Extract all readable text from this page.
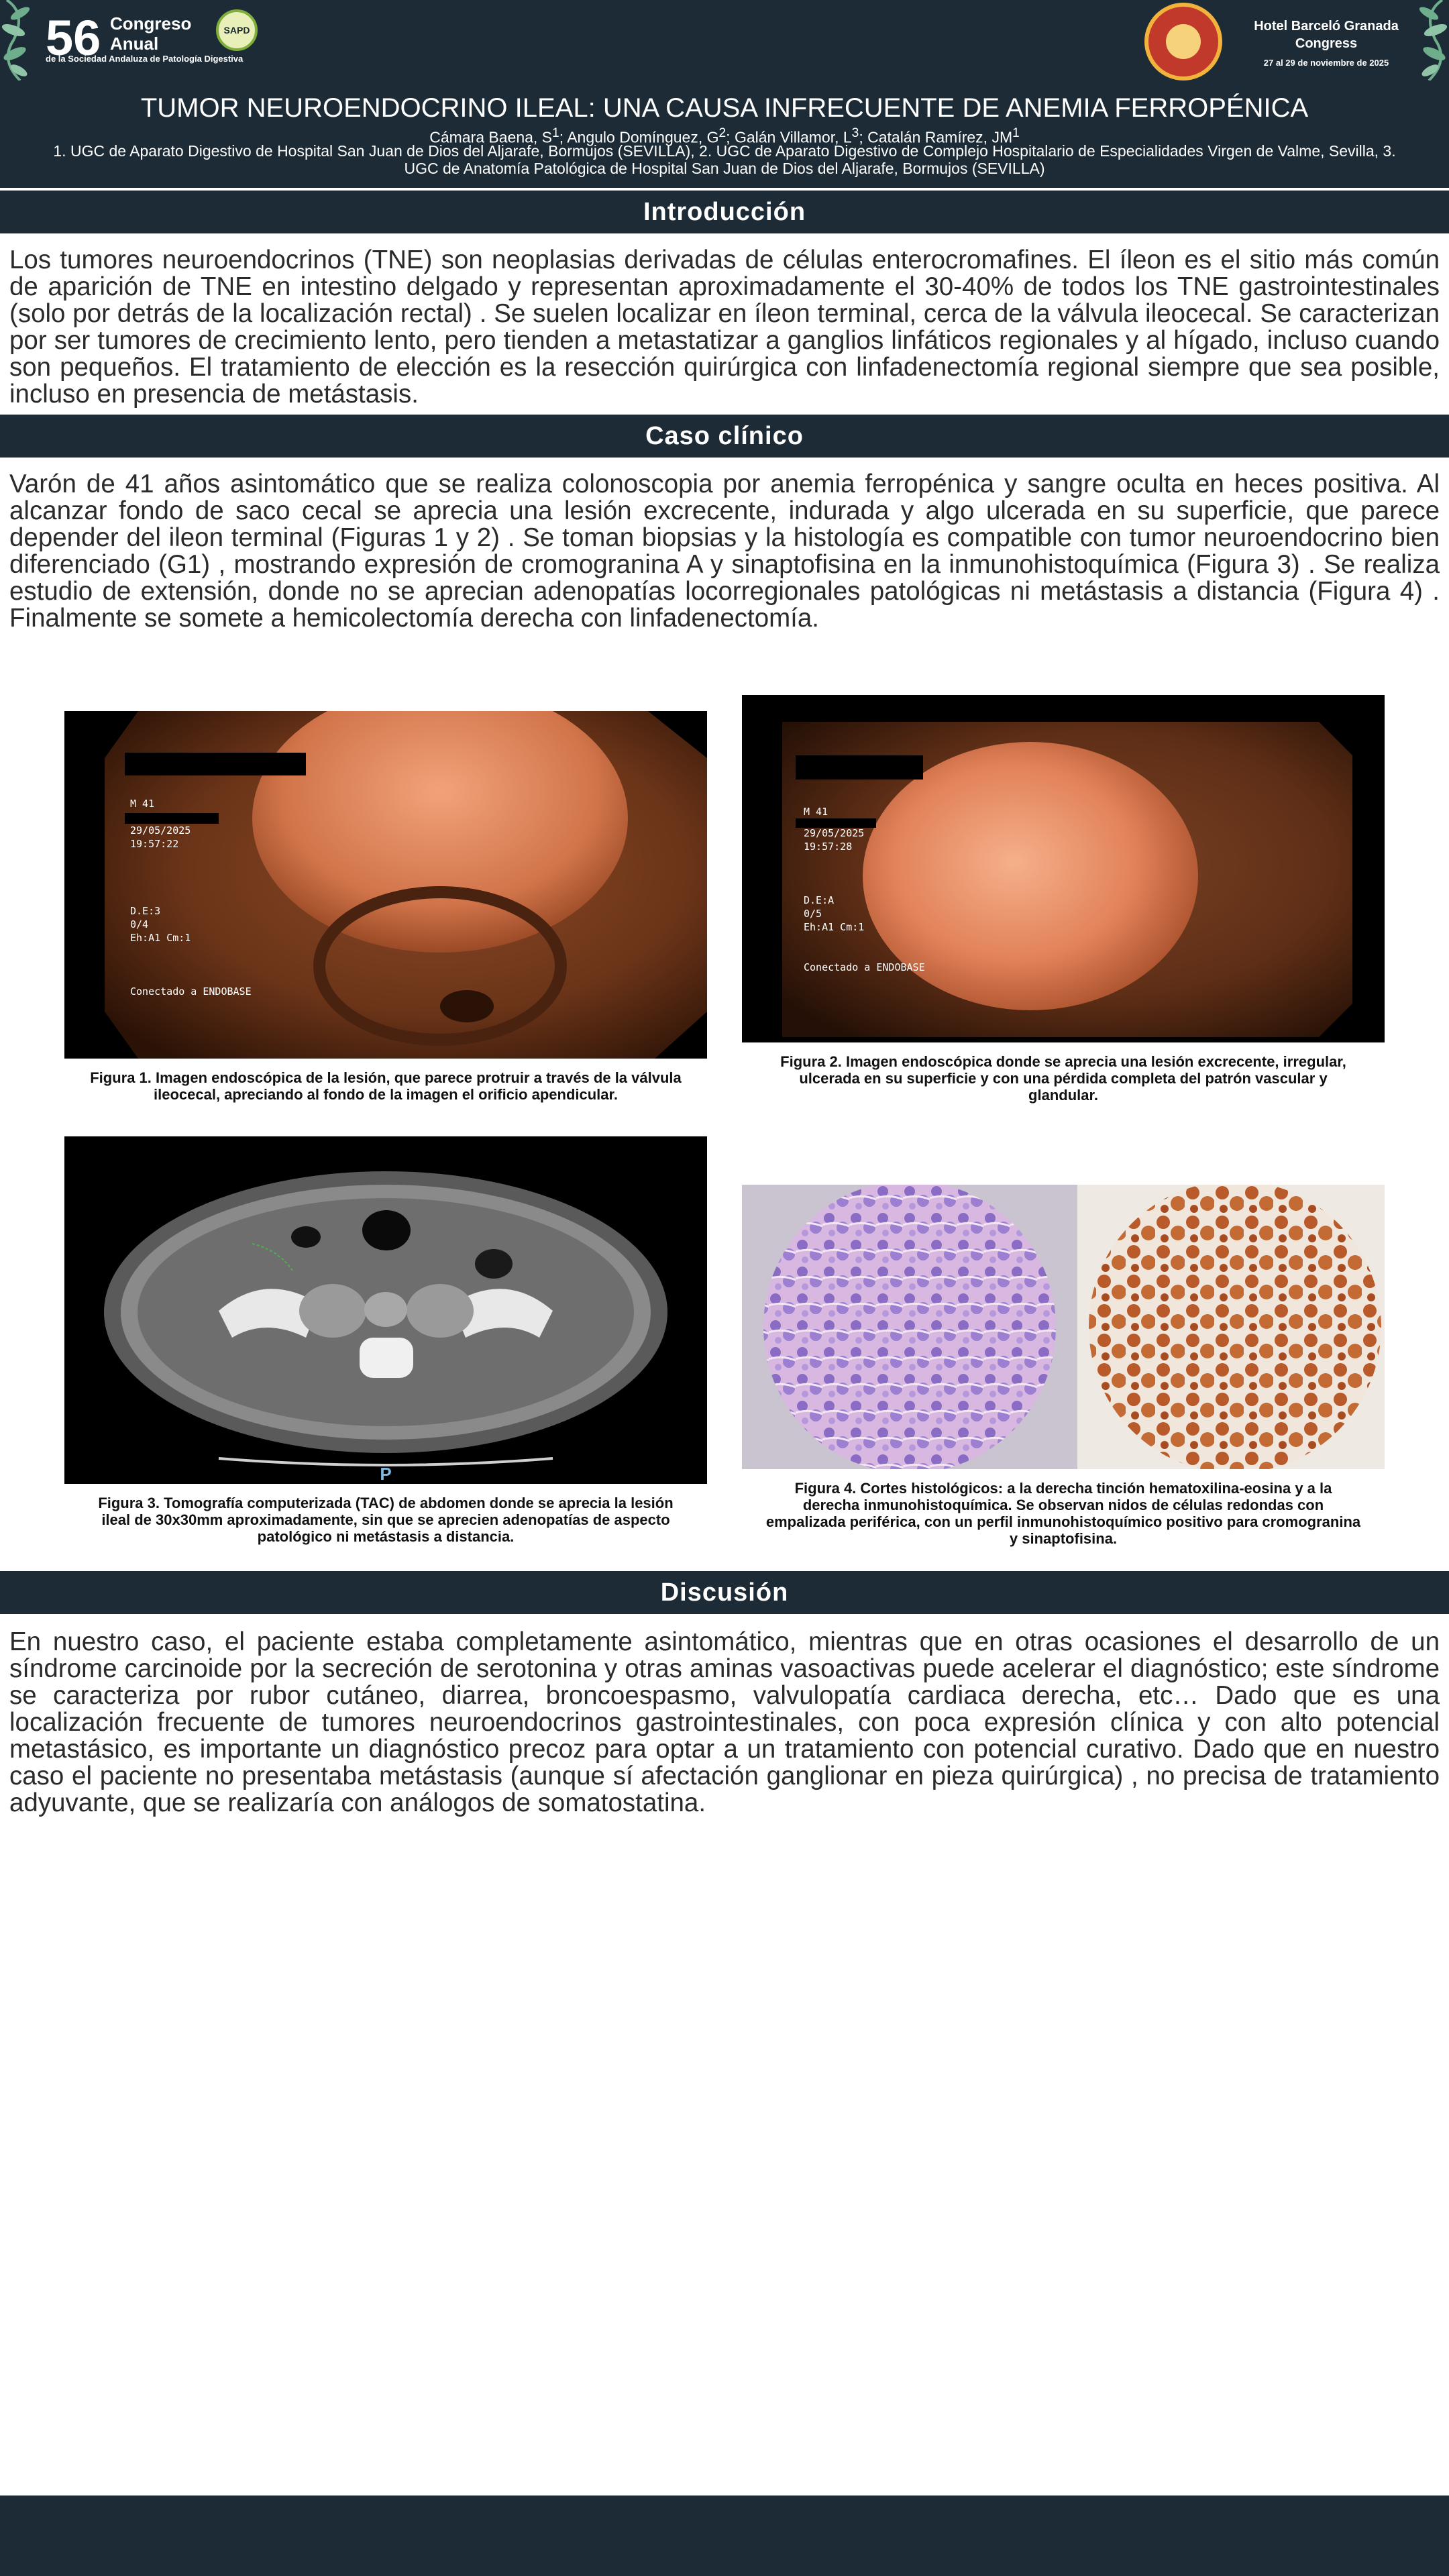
56 Congreso Anual
de la Sociedad Andaluza de Patología Digestiva
SAPD	Hotel Barceló Granada Congress
27 al 29 de noviembre de 2025
TUMOR NEUROENDOCRINO ILEAL: UNA CAUSA INFRECUENTE DE ANEMIA FERROPÉNICA
Cámara Baena, $S^1$; Angulo Domínguez, $G^2$; Galán Villamor, $L^3$; Catalán Ramírez, $JM^1$
1. UGC de Aparato Digestivo de Hospital San Juan de Dios del Aljarafe, Bormujos (SEVILLA), 2. UGC de Aparato Digestivo de Complejo Hospitalario de Especialidades Virgen de Valme, Sevilla, 3.
UGC de Anatomía Patológica de Hospital San Juan de Dios del Aljarafe, Bormujos (SEVILLA)
Introducción
Los tumores neuroendocrinos (TNE) son neoplasias derivadas de células enterocromafines. El íleon es el sitio más común de aparición de TNE en intestino delgado y representan aproximadamente el 30-40% de todos los TNE gastrointestinales (solo por detrás de la localización rectal) . Se suelen localizar en íleon terminal, cerca de la válvula ileocecal. Se caracterizan por ser tumores de crecimiento lento, pero tienden a metastatizar a ganglios linfáticos regionales y al hígado, incluso cuando son pequeños. El tratamiento de elección es la resección quirúrgica con linfadenectomía regional siempre que sea posible, incluso en presencia de metástasis.
Caso clínico
Varón de 41 años asintomático que se realiza colonoscopia por anemia ferropénica y sangre oculta en heces positiva. Al alcanzar fondo de saco cecal se aprecia una lesión excrecente, indurada y algo ulcerada en su superficie, que parece depender del ileon terminal (Figuras 1 y 2) . Se toman biopsias y la histología es compatible con tumor neuroendocrino bien diferenciado (G1) , mostrando expresión de cromogranina A y sinaptofisina en la inmunohistoquímica (Figura 3) . Se realiza estudio de extensión, donde no se aprecian adenopatías locorregionales patológicas ni metástasis a distancia (Figura 4) . Finalmente se somete a hemicolectomía derecha con linfadenectomía.
M 41
29/05/2025
19:57:22
D.E:3
0/4
Eh:A1 Cm:1
Conectado a ENDOBASE
Figura 1. Imagen endoscópica de la lesión, que parece protruir a través de la válvula ileocecal, apreciando al fondo de la imagen el orificio apendicular.
M 41
29/05/2025
19:57:28
D.E:A
0/5
Eh:A1 Cm:1
Conectado a ENDOBASE
Figura 2. Imagen endoscópica donde se aprecia una lesión excrecente, irregular, ulcerada en su superficie y con una pérdida completa del patrón vascular y glandular.
P
Figura 3. Tomografía computerizada (TAC) de abdomen donde se aprecia la lesión ileal de 30x30mm aproximadamente, sin que se aprecien adenopatías de aspecto patológico ni metástasis a distancia.
Figura 4. Cortes histológicos: a la derecha tinción hematoxilina-eosina y a la derecha inmunohistoquímica. Se observan nidos de células redondas con empalizada periférica, con un perfil inmunohistoquímico positivo para cromogranina y sinaptofisina.
Discusión
En nuestro caso, el paciente estaba completamente asintomático, mientras que en otras ocasiones el desarrollo de un síndrome carcinoide por la secreción de serotonina y otras aminas vasoactivas puede acelerar el diagnóstico; este síndrome se caracteriza por rubor cutáneo, diarrea, broncoespasmo, valvulopatía cardiaca derecha, etc… Dado que es una localización frecuente de tumores neuroendocrinos gastrointestinales, con poca expresión clínica y con alto potencial metastásico, es importante un diagnóstico precoz para optar a un tratamiento con potencial curativo. Dado que en nuestro caso el paciente no presentaba metástasis (aunque sí afectación ganglionar en pieza quirúrgica) , no precisa de tratamiento adyuvante, que se realizaría con análogos de somatostatina.
